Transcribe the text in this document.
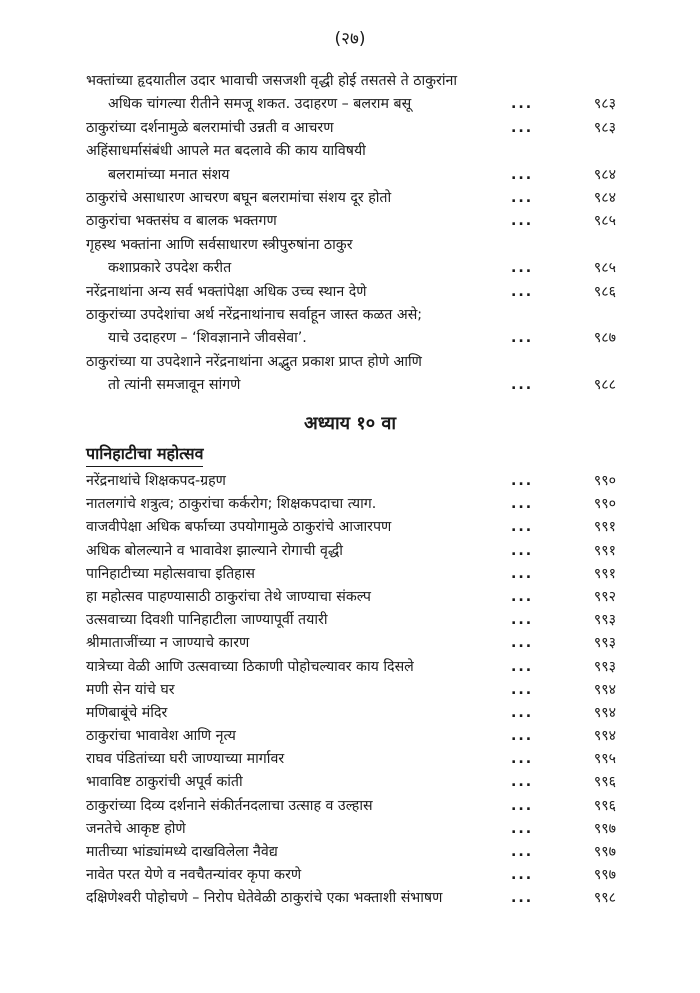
(२७)
भक्तांच्या हृदयातील उदार भावाची जसजशी वृद्धी होई तसतसे ते ठाकुरांना
अधिक चांगल्या रीतीने समजू शकत. उदाहरण – बलराम बसू	...	९८३
ठाकुरांच्या दर्शनामुळे बलरामांची उन्नती व आचरण	...	९८३
अहिंसाधर्मासंबंधी आपले मत बदलावे की काय याविषयी
बलरामांच्या मनात संशय	...	९८४
ठाकुरांचे असाधारण आचरण बघून बलरामांचा संशय दूर होतो	...	९८४
ठाकुरांचा भक्तसंघ व बालक भक्तगण	...	९८५
गृहस्थ भक्तांना आणि सर्वसाधारण स्त्रीपुरुषांना ठाकुर
कशाप्रकारे उपदेश करीत	...	९८५
नरेंद्रनाथांना अन्य सर्व भक्तांपेक्षा अधिक उच्च स्थान देणे	...	९८६
ठाकुरांच्या उपदेशांचा अर्थ नरेंद्रनाथांनाच सर्वाहून जास्त कळत असे;
याचे उदाहरण – ‘शिवज्ञानाने जीवसेवा’.	...	९८७
ठाकुरांच्या या उपदेशाने नरेंद्रनाथांना अद्भुत प्रकाश प्राप्त होणे आणि
तो त्यांनी समजावून सांगणे	...	९८८
अध्याय १० वा
पानिहाटीचा महोत्सव
नरेंद्रनाथांचे शिक्षकपद-ग्रहण	...	९९०
नातलगांचे शत्रुत्व; ठाकुरांचा कर्करोग; शिक्षकपदाचा त्याग.	...	९९०
वाजवीपेक्षा अधिक बर्फाच्या उपयोगामुळे ठाकुरांचे आजारपण	...	९९१
अधिक बोलल्याने व भावावेश झाल्याने रोगाची वृद्धी	...	९९१
पानिहाटीच्या महोत्सवाचा इतिहास	...	९९१
हा महोत्सव पाहण्यासाठी ठाकुरांचा तेथे जाण्याचा संकल्प	...	९९२
उत्सवाच्या दिवशी पानिहाटीला जाण्यापूर्वी तयारी	...	९९३
श्रीमाताजींच्या न जाण्याचे कारण	...	९९३
यात्रेच्या वेळी आणि उत्सवाच्या ठिकाणी पोहोचल्यावर काय दिसले	...	९९३
मणी सेन यांचे घर	...	९९४
मणिबाबूंचे मंदिर	...	९९४
ठाकुरांचा भावावेश आणि नृत्य	...	९९४
राघव पंडितांच्या घरी जाण्याच्या मार्गावर	...	९९५
भावाविष्ट ठाकुरांची अपूर्व कांती	...	९९६
ठाकुरांच्या दिव्य दर्शनाने संकीर्तनदलाचा उत्साह व उल्हास	...	९९६
जनतेचे आकृष्ट होणे	...	९९७
मातीच्या भांड्यांमध्ये दाखविलेला नैवेद्य	...	९९७
नावेत परत येणे व नवचैतन्यांवर कृपा करणे	...	९९७
दक्षिणेश्वरी पोहोचणे – निरोप घेतेवेळी ठाकुरांचे एका भक्ताशी संभाषण	...	९९८
